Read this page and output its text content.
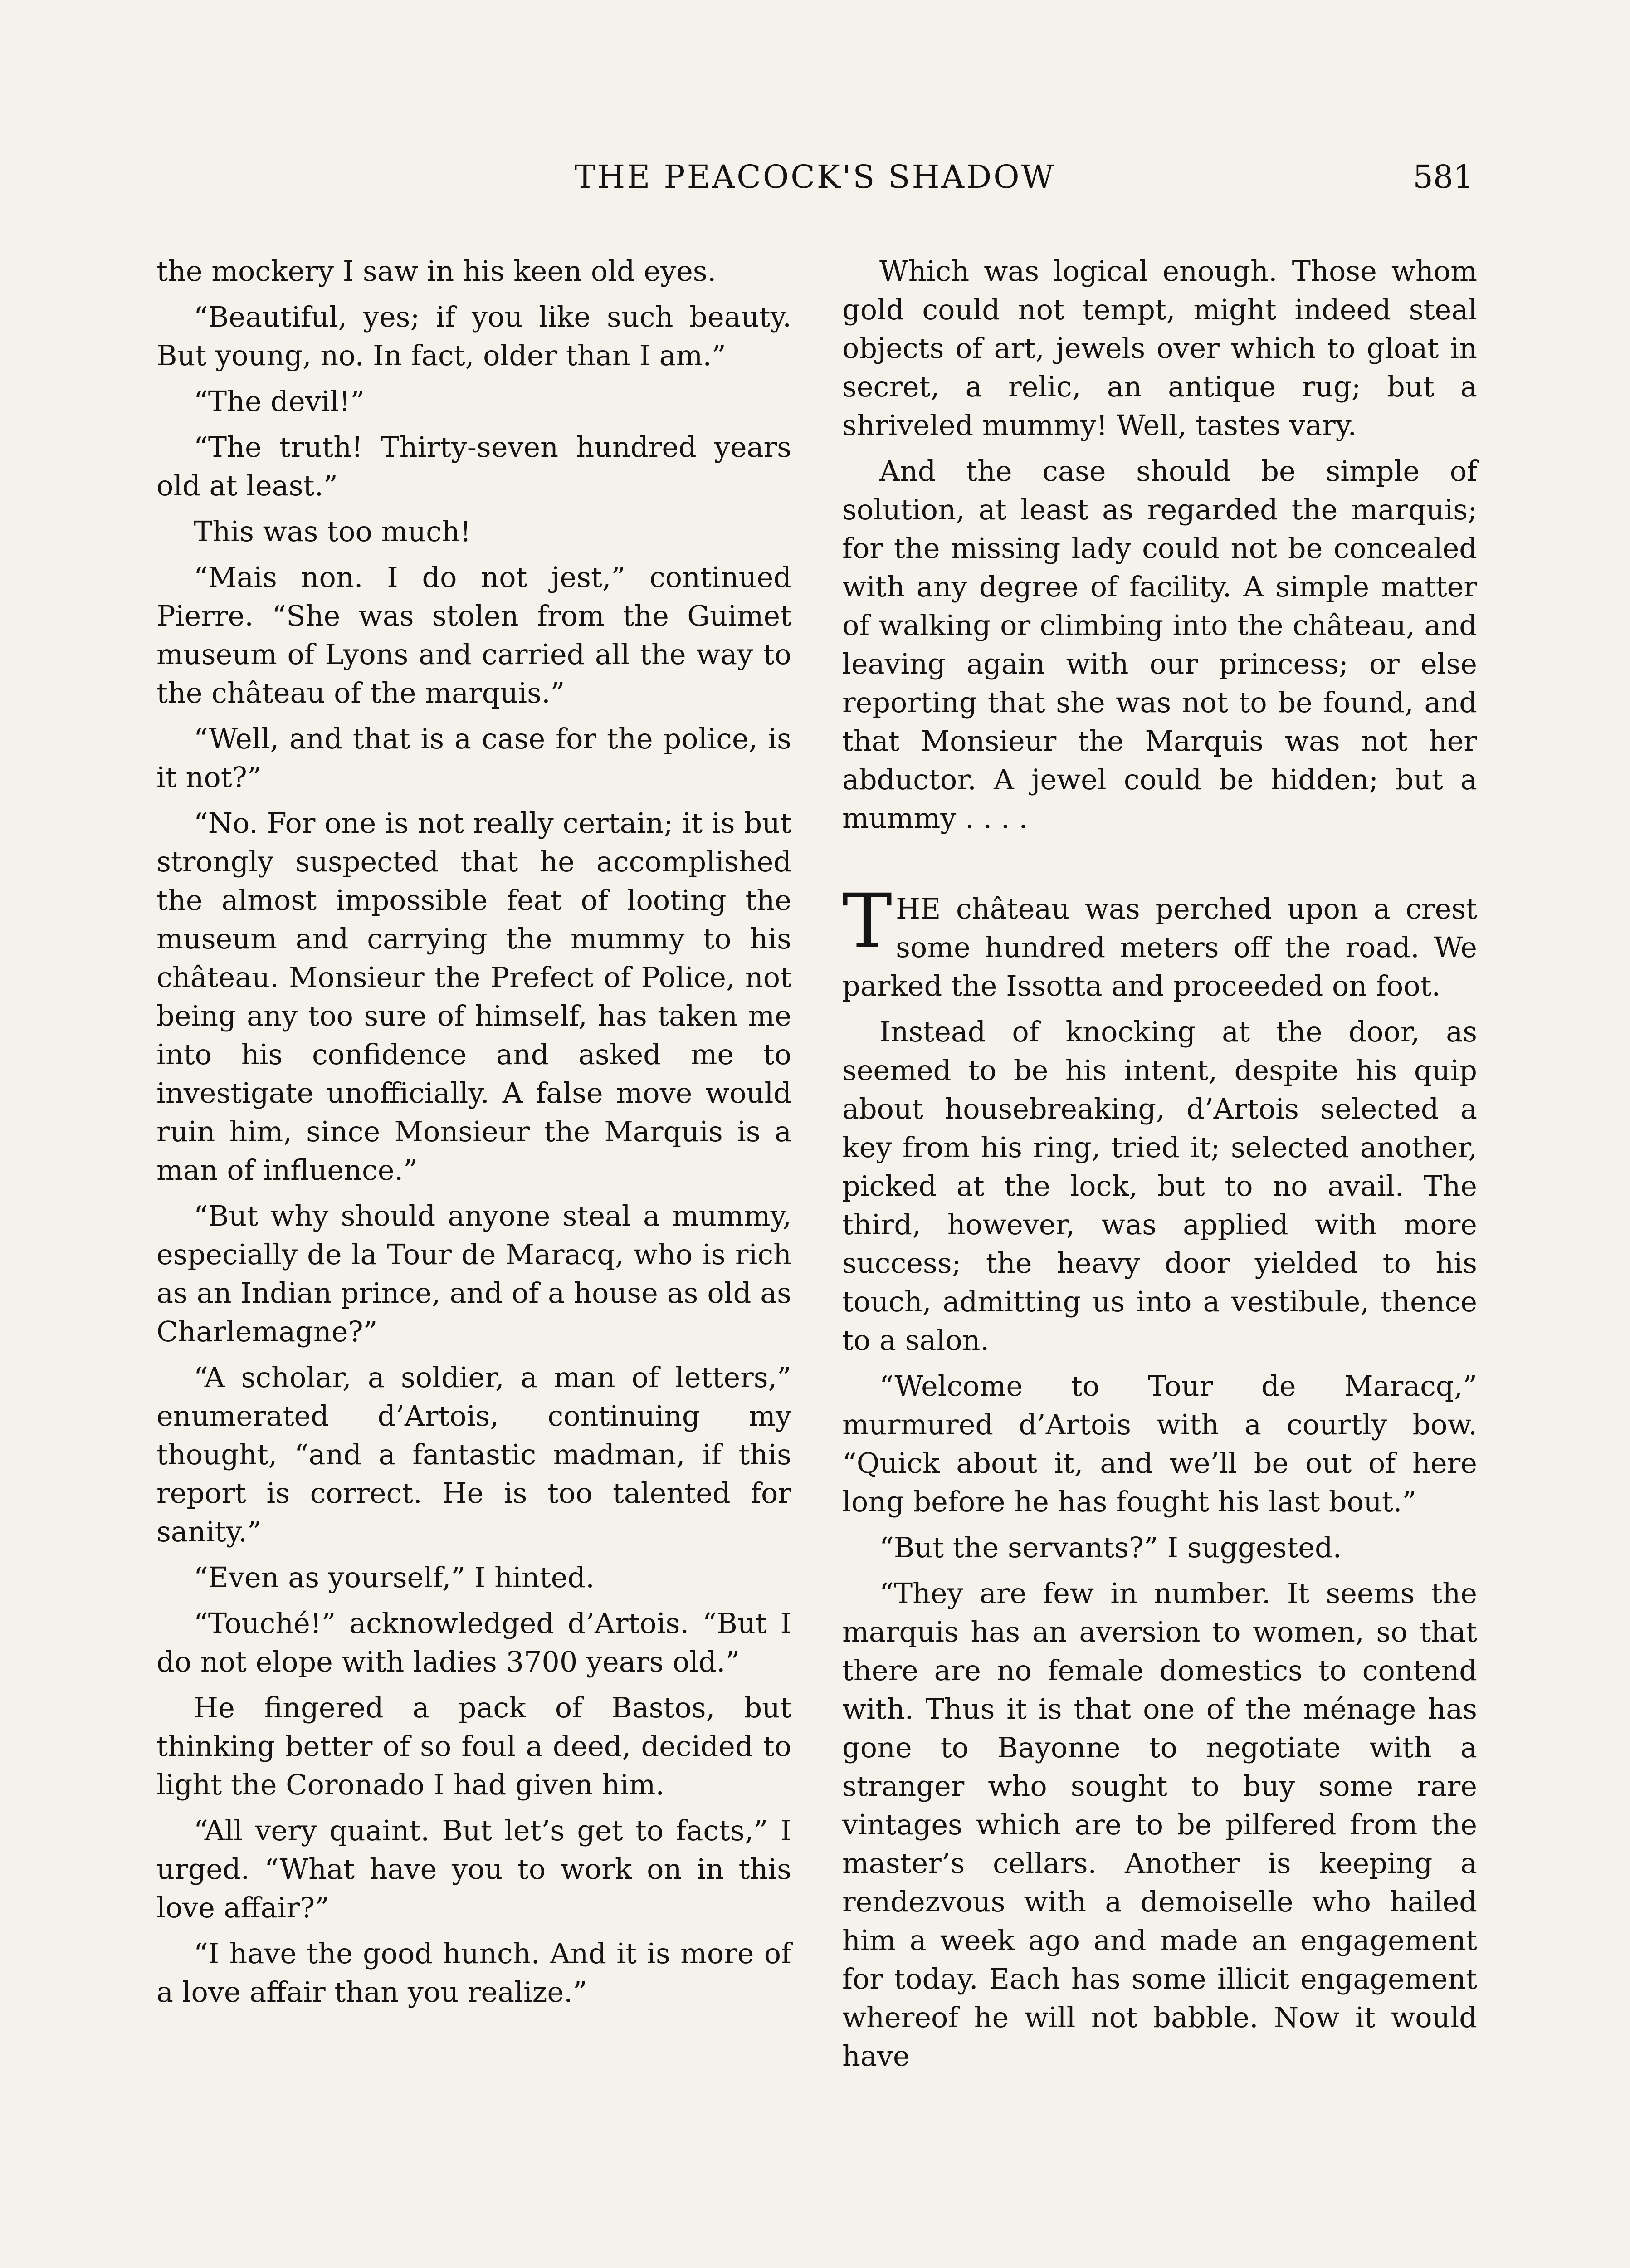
THE PEACOCK'S SHADOW	581

the mockery I saw in his keen old eyes.

“Beautiful, yes; if you like such beauty. But young, no. In fact, older than I am.”

“The devil!”

“The truth! Thirty-seven hundred years old at least.”

This was too much!

“Mais non. I do not jest,” continued Pierre. “She was stolen from the Guimet museum of Lyons and carried all the way to the château of the marquis.”

“Well, and that is a case for the police, is it not?”

“No. For one is not really certain; it is but strongly suspected that he accomplished the almost impossible feat of looting the museum and carrying the mummy to his château. Monsieur the Prefect of Police, not being any too sure of himself, has taken me into his confidence and asked me to investigate unofficially. A false move would ruin him, since Monsieur the Marquis is a man of influence.”

“But why should anyone steal a mummy, especially de la Tour de Maracq, who is rich as an Indian prince, and of a house as old as Charlemagne?”

“A scholar, a soldier, a man of letters,” enumerated d’Artois, continuing my thought, “and a fantastic madman, if this report is correct. He is too talented for sanity.”

“Even as yourself,” I hinted.

“Touché!” acknowledged d’Artois. “But I do not elope with ladies 3700 years old.”

He fingered a pack of Bastos, but thinking better of so foul a deed, decided to light the Coronado I had given him.

“All very quaint. But let’s get to facts,” I urged. “What have you to work on in this love affair?”

“I have the good hunch. And it is more of a love affair than you realize.”

Which was logical enough. Those whom gold could not tempt, might indeed steal objects of art, jewels over which to gloat in secret, a relic, an antique rug; but a shriveled mummy! Well, tastes vary.

And the case should be simple of solution, at least as regarded the marquis; for the missing lady could not be concealed with any degree of facility. A simple matter of walking or climbing into the château, and leaving again with our princess; or else reporting that she was not to be found, and that Monsieur the Marquis was not her abductor. A jewel could be hidden; but a mummy . . . .

THE château was perched upon a crest some hundred meters off the road. We parked the Issotta and proceeded on foot.

Instead of knocking at the door, as seemed to be his intent, despite his quip about housebreaking, d’Artois selected a key from his ring, tried it; selected another, picked at the lock, but to no avail. The third, however, was applied with more success; the heavy door yielded to his touch, admitting us into a vestibule, thence to a salon.

“Welcome to Tour de Maracq,” murmured d’Artois with a courtly bow. “Quick about it, and we’ll be out of here long before he has fought his last bout.”

“But the servants?” I suggested.

“They are few in number. It seems the marquis has an aversion to women, so that there are no female domestics to contend with. Thus it is that one of the ménage has gone to Bayonne to negotiate with a stranger who sought to buy some rare vintages which are to be pilfered from the master’s cellars. Another is keeping a rendezvous with a demoiselle who hailed him a week ago and made an engagement for today. Each has some illicit engagement whereof he will not babble. Now it would have
